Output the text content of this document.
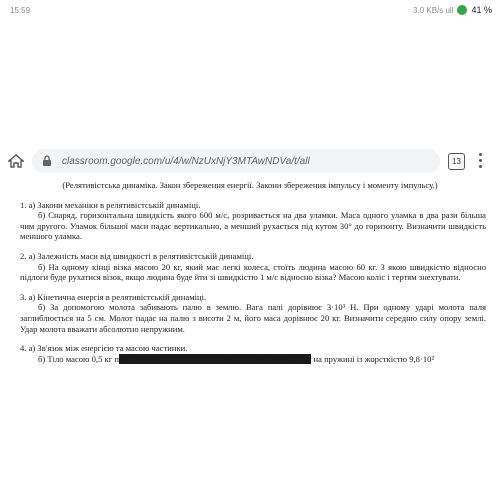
15:59	3.0 KB/s ull 41 %
classroom.google.com/u/4/w/NzUxNjY3MTAwNDVa/t/all	13

(Релятивістська динаміка. Закон збереження енергії. Закони збереження імпульсу і моменту імпульсу.)

1. а) Закони механіки в релятивістській динаміці.

б) Снаряд, горизонтальна швидкість якого 600 м/с, розривається на два уламки. Маса одного уламка в два рази більша чим другого. Уламок більшої маси падає вертикально, а менший рухається під кутом 30° до горизонту. Визначити швидкість меншого уламка.

2. а) Залежність маси від швидкості в релятивістській динаміці.

б) На одному кінці візка масою 20 кг, який має легкі колеса, стоїть людина масою 60 кг. З якою швидкістю відносно підлоги буде рухатися візок, якщо людина буде йти зі швидкістю 1 м/с відносно візка? Масою коліс і тертям знехтувати.

3. а) Кінетична енергія в релятивістській динаміці.

б) За допомогою молота забивають палю в землю. Вага палі дорівнює 3·10³ Н. При одному ударі молота паля заглиблюється на 5 см. Молот падає на палю з висоти 2 м, його маса дорівнює 20 кг. Визначити середню силу опору землі. Удар молота вважати абсолютно непружним.

4. а) Зв'язок між енергією та масою частинки.

б) Тіло масою 0,5 кг падає з деякої висоти на плиту масою 1 кг, закріплену на пружині із жорсткістю 9,8·10²
